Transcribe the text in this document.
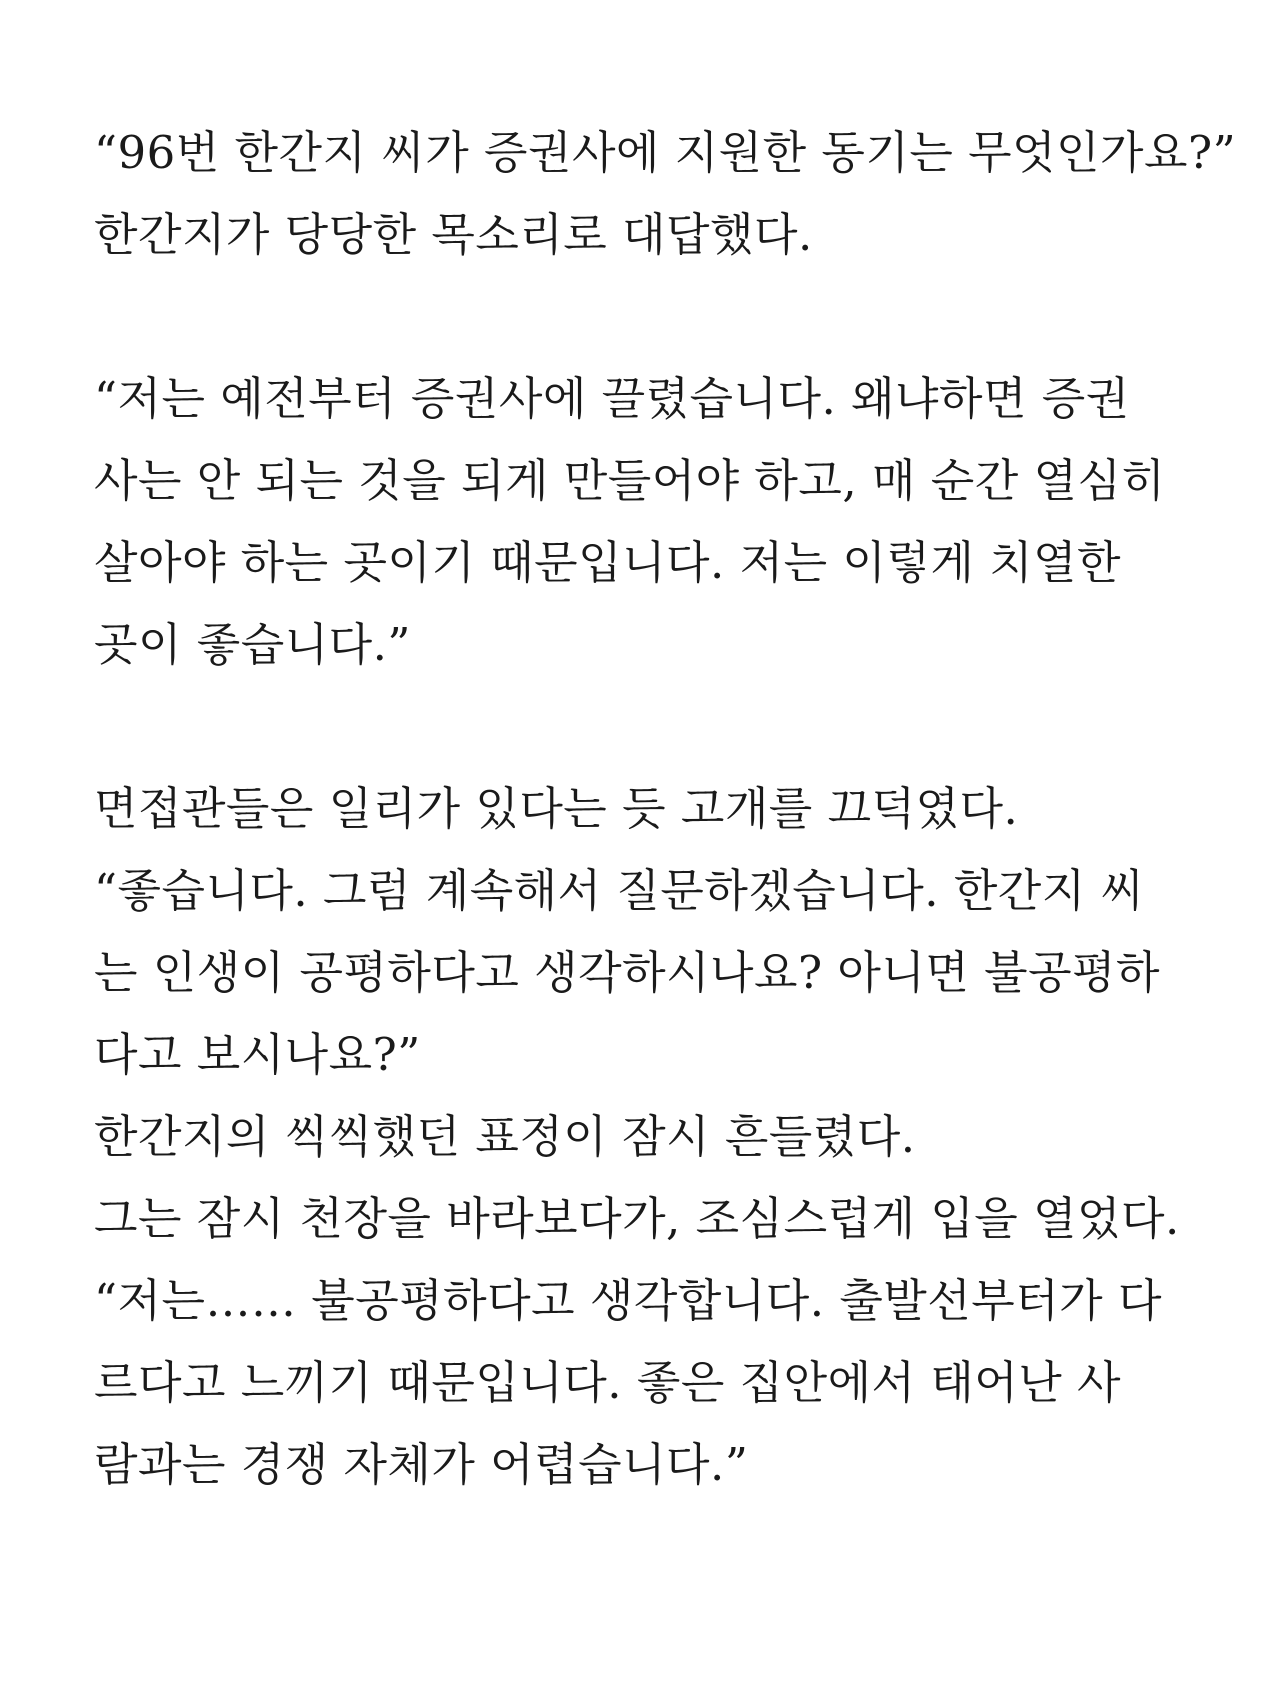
“96번 한간지 씨가 증권사에 지원한 동기는 무엇인가요?”
한간지가 당당한 목소리로 대답했다.
“저는 예전부터 증권사에 끌렸습니다. 왜냐하면 증권
사는 안 되는 것을 되게 만들어야 하고, 매 순간 열심히
살아야 하는 곳이기 때문입니다. 저는 이렇게 치열한
곳이 좋습니다.”
면접관들은 일리가 있다는 듯 고개를 끄덕였다.
“좋습니다. 그럼 계속해서 질문하겠습니다. 한간지 씨
는 인생이 공평하다고 생각하시나요? 아니면 불공평하
다고 보시나요?”
한간지의 씩씩했던 표정이 잠시 흔들렸다.
그는 잠시 천장을 바라보다가, 조심스럽게 입을 열었다.
“저는…… 불공평하다고 생각합니다. 출발선부터가 다
르다고 느끼기 때문입니다. 좋은 집안에서 태어난 사
람과는 경쟁 자체가 어렵습니다.”
